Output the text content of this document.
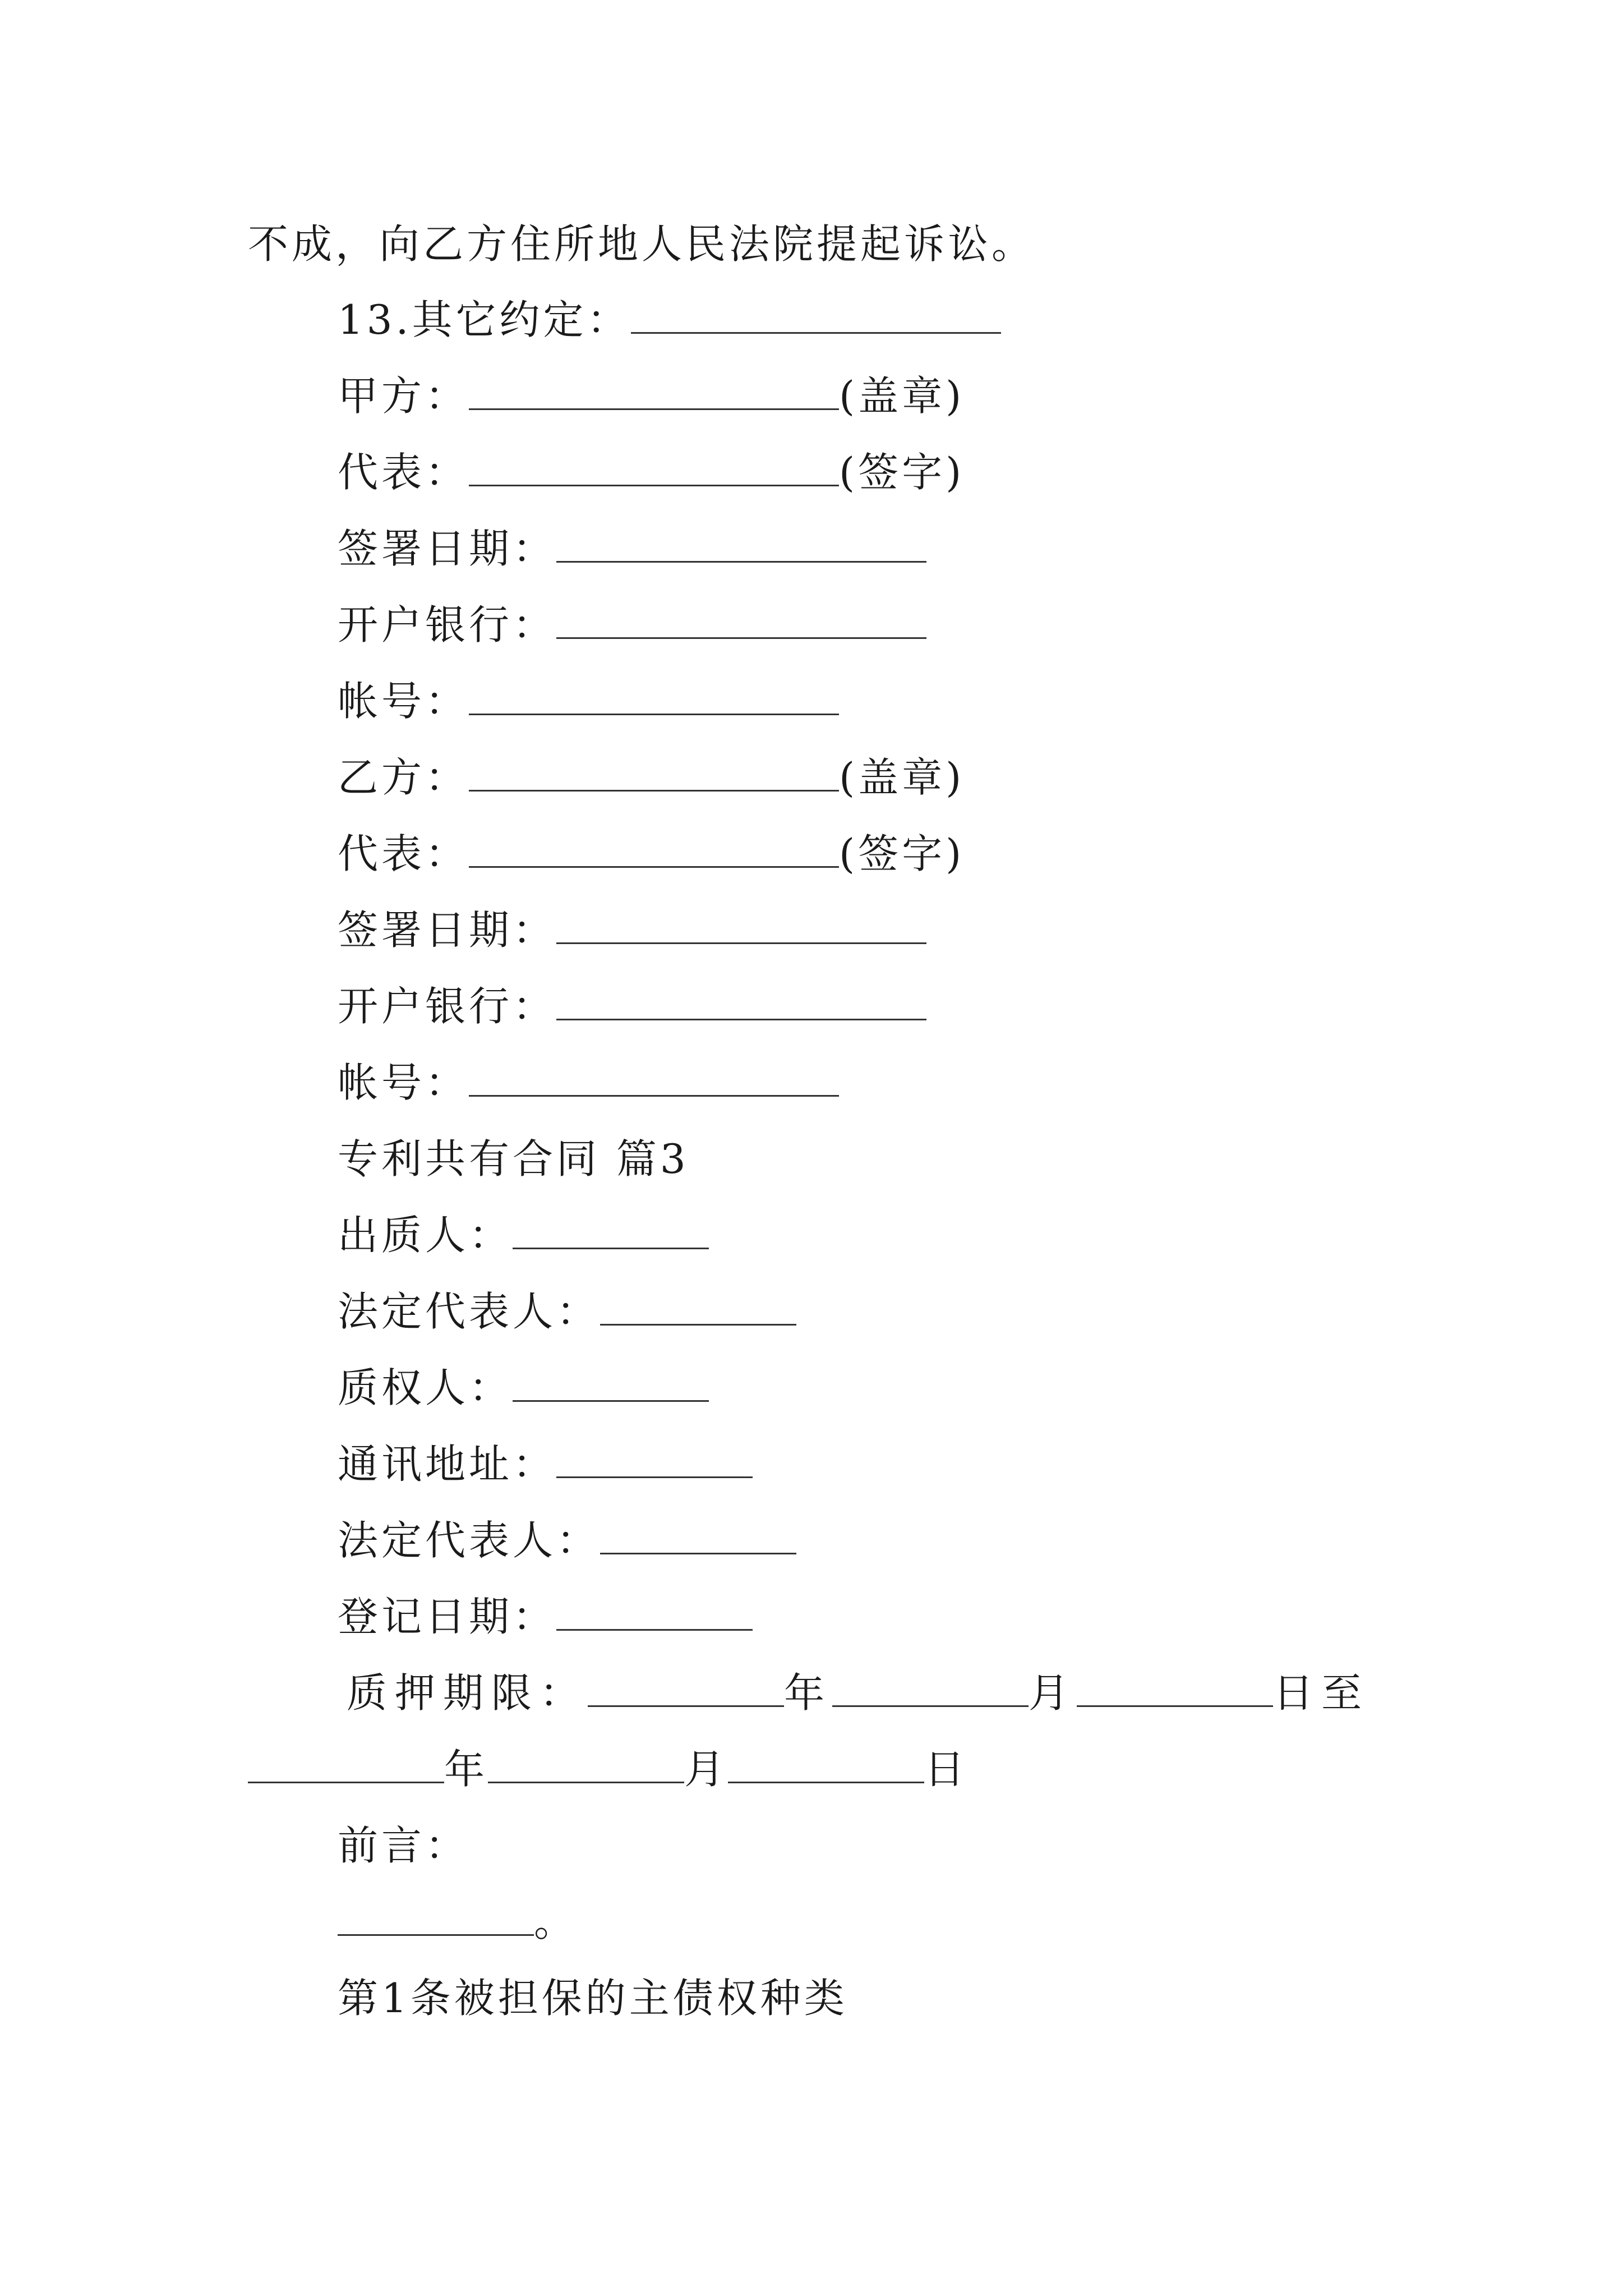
不成，向乙方住所地人民法院提起诉讼。
13.其它约定：
甲方：	(盖章)
代表：	(签字)
签署日期：
开户银行：
帐号：
乙方：	(盖章)
代表：	(签字)
签署日期：
开户银行：
帐号：
专利共有合同 篇3
出质人：
法定代表人：
质权人：
通讯地址：
法定代表人：
登记日期：
质押期限：	年	月	日至
年	月	日
前言：
。
第1条被担保的主债权种类
